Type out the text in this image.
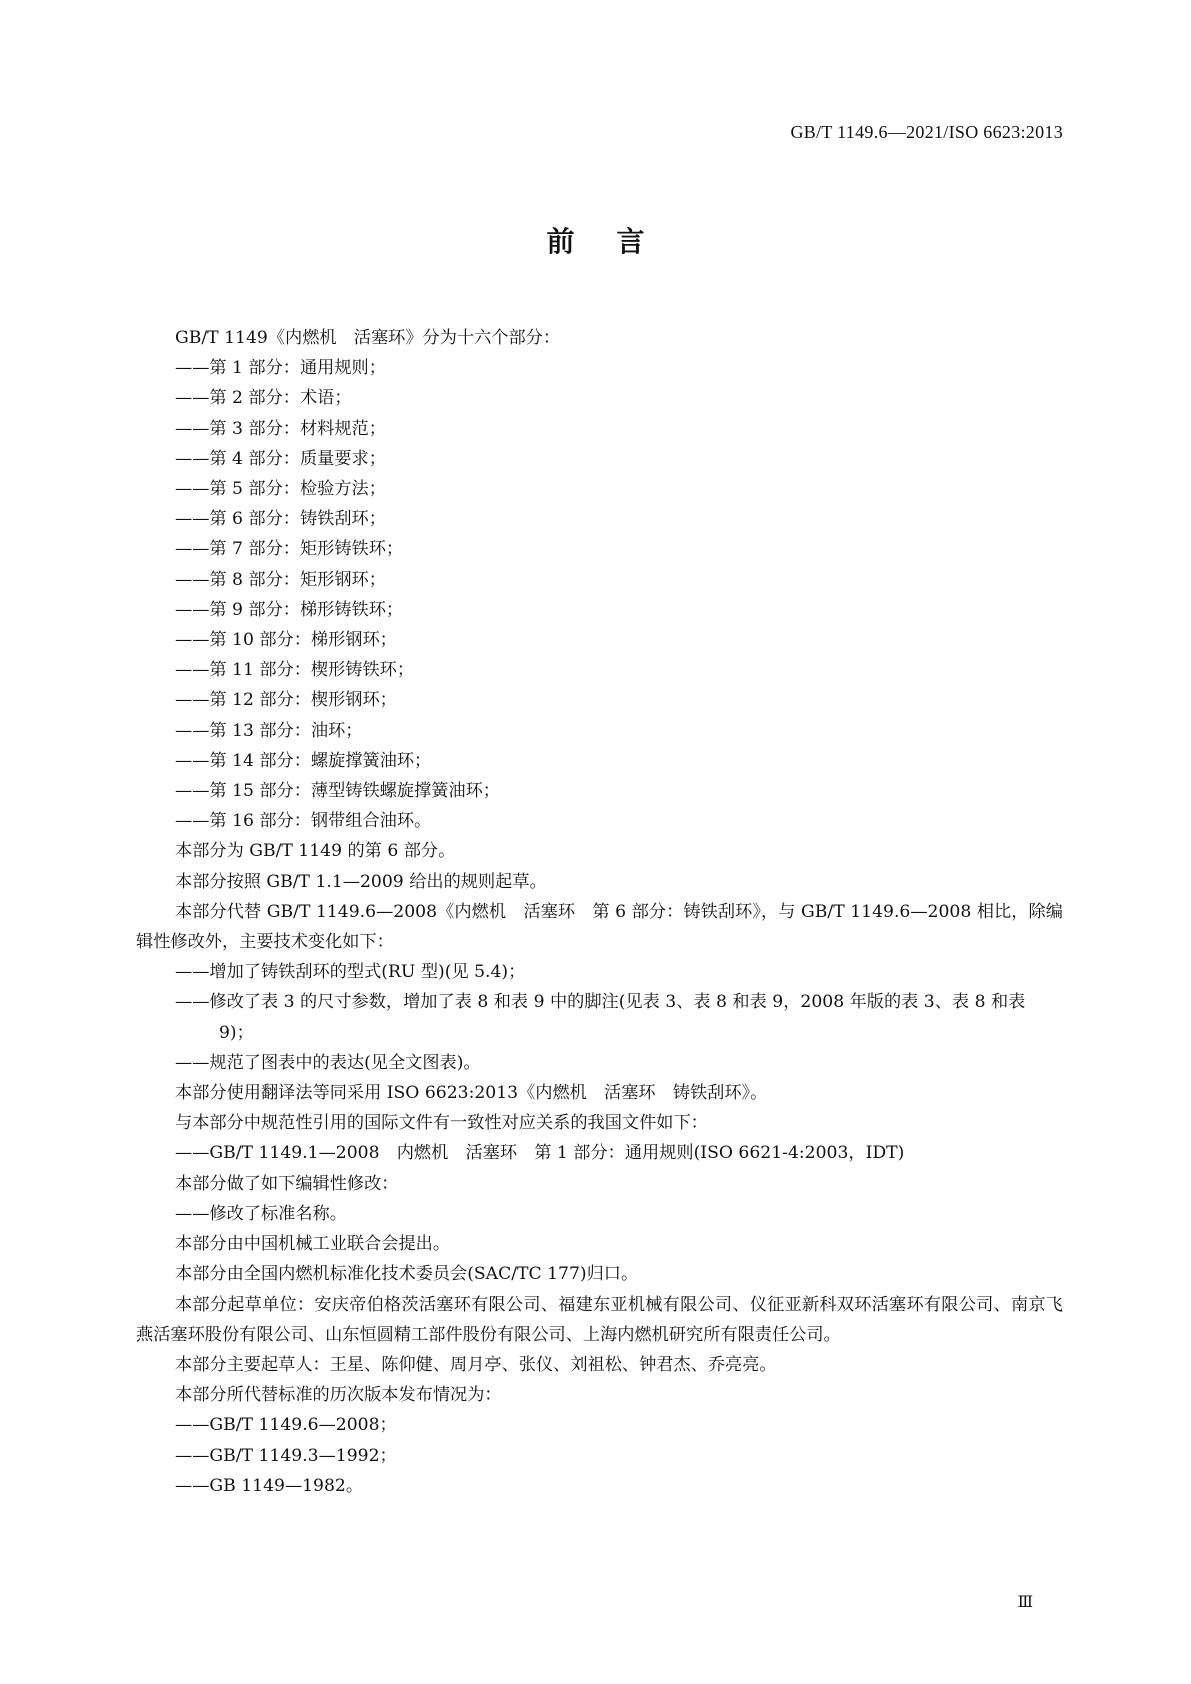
GB/T 1149.6—2021/ISO 6623:2013
前言
GB/T 1149《内燃机　活塞环》分为十六个部分：
——第 1 部分：通用规则；
——第 2 部分：术语；
——第 3 部分：材料规范；
——第 4 部分：质量要求；
——第 5 部分：检验方法；
——第 6 部分：铸铁刮环；
——第 7 部分：矩形铸铁环；
——第 8 部分：矩形钢环；
——第 9 部分：梯形铸铁环；
——第 10 部分：梯形钢环；
——第 11 部分：楔形铸铁环；
——第 12 部分：楔形钢环；
——第 13 部分：油环；
——第 14 部分：螺旋撑簧油环；
——第 15 部分：薄型铸铁螺旋撑簧油环；
——第 16 部分：钢带组合油环。
本部分为 GB/T 1149 的第 6 部分。
本部分按照 GB/T 1.1—2009 给出的规则起草。
本部分代替 GB/T 1149.6—2008《内燃机　活塞环　第 6 部分：铸铁刮环》，与 GB/T 1149.6—2008 相比，除编辑性修改外，主要技术变化如下：
——增加了铸铁刮环的型式(RU 型)(见 5.4)；
——修改了表 3 的尺寸参数，增加了表 8 和表 9 中的脚注(见表 3、表 8 和表 9，2008 年版的表 3、表 8 和表 9)；
——规范了图表中的表达(见全文图表)。
本部分使用翻译法等同采用 ISO 6623:2013《内燃机　活塞环　铸铁刮环》。
与本部分中规范性引用的国际文件有一致性对应关系的我国文件如下：
——GB/T 1149.1—2008　内燃机　活塞环　第 1 部分：通用规则(ISO 6621-4:2003，IDT)
本部分做了如下编辑性修改：
——修改了标准名称。
本部分由中国机械工业联合会提出。
本部分由全国内燃机标准化技术委员会(SAC/TC 177)归口。
本部分起草单位：安庆帝伯格茨活塞环有限公司、福建东亚机械有限公司、仪征亚新科双环活塞环有限公司、南京飞燕活塞环股份有限公司、山东恒圆精工部件股份有限公司、上海内燃机研究所有限责任公司。
本部分主要起草人：王星、陈仰健、周月亭、张仪、刘祖松、钟君杰、乔亮亮。
本部分所代替标准的历次版本发布情况为：
——GB/T 1149.6—2008；
——GB/T 1149.3—1992；
——GB 1149—1982。
Ⅲ
